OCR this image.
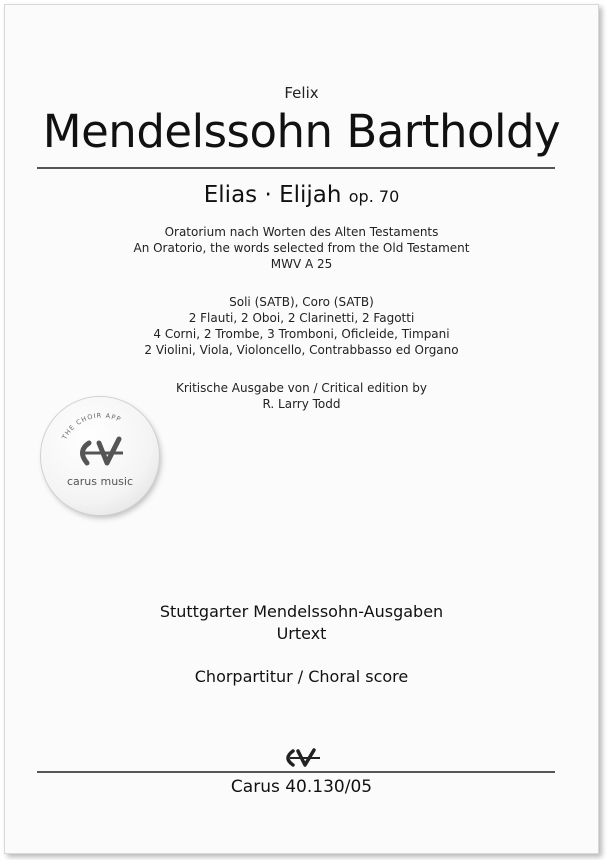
Felix
Mendelssohn Bartholdy
Elias · Elijah op. 70
Oratorium nach Worten des Alten Testaments
An Oratorio, the words selected from the Old Testament
MWV A 25
Soli (SATB), Coro (SATB)
2 Flauti, 2 Oboi, 2 Clarinetti, 2 Fagotti
4 Corni, 2 Trombe, 3 Tromboni, Oficleide, Timpani
2 Violini, Viola, Violoncello, Contrabbasso ed Organo
Kritische Ausgabe von / Critical edition by
R. Larry Todd
THE CHOIR APP
carus music
Stuttgarter Mendelssohn-Ausgaben
Urtext
Chorpartitur / Choral score
Carus 40.130/05
